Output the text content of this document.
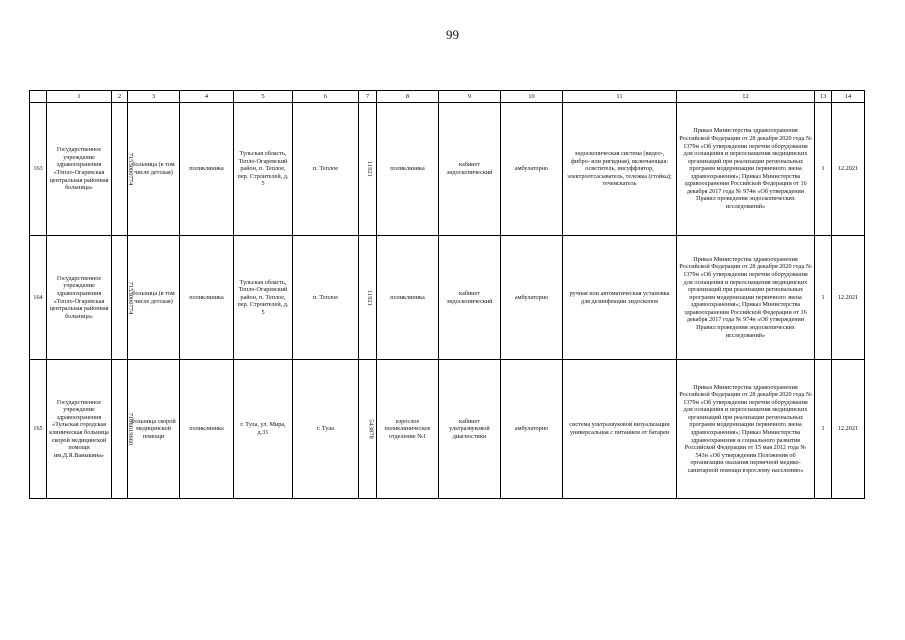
99
	1	2	3	4	5	6	7	8	9	10	11	12	13	14
163	Государственное учреждение здравоохранения «Тепло-Огаревская центральная районная больница»	7153000774	больница (в том числе детская)	поликлиника	Тульская область, Тепло-Огаревский район, п. Теплое, пер. Строителей, д. 5	п. Теплое	11921	поликлиника	кабинет эндоскопический	амбулаторно	эндоскопическая система (видео-, фибро- или ригидная), включающая: осветитель, инсуффлятор, электроотсасыватель, тележка (стойка); течеискатель	Приказ Министерства здравоохранения Российской Федерации от 28 декабря 2020 года № 1379н «Об утверждении перечня оборудования для оснащения и переоснащения медицинских организаций при реализации региональных программ модернизации первичного звена здравоохранения»; Приказ Министерства здравоохранения Российской Федерации от 16 декабря 2017 года № 974н «Об утверждении Правил проведения эндоскопических исследований»	1	12.2021
164	Государственное учреждение здравоохранения «Тепло-Огаревская центральная районная больница»	7153000774	больница (в том числе детская)	поликлиника	Тульская область, Тепло-Огаревский район, п. Теплое, пер. Строителей, д. 5	п. Теплое	11921	поликлиника	кабинет эндоскопический	амбулаторно	ручная или автоматическая установка для дезинфекции эндоскопов	Приказ Министерства здравоохранения Российской Федерации от 28 декабря 2020 года № 1379н «Об утверждении перечня оборудования для оснащения и переоснащения медицинских организаций при реализации региональных программ модернизации первичного звена здравоохранения»; Приказ Министерства здравоохранения Российской Федерации от 16 декабря 2017 года № 974н «Об утверждении Правил проведения эндоскопических исследований»	1	12.2021
165	Государственное учреждение здравоохранения «Тульская городская клиническая больница скорой медицинской помощи им.Д.Я.Ваныкина»	7106019660	больница скорой медицинской помощи	поликлиника	г. Тула, ул. Мира, д.31	г. Тула	543878	взрослое поликлиническое отделение №1	кабинет ультразвуковой диагностики	амбулаторно	система ультразвуковой визуализации универсальная с питанием от батареи	Приказ Министерства здравоохранения Российской Федерации от 28 декабря 2020 года № 1379н «Об утверждении перечня оборудования для оснащения и переоснащения медицинских организаций при реализации региональных программ модернизации первичного звена здравоохранения»; Приказ Министерства здравоохранения и социального развития Российской Федерации от 15 мая 2012 года № 543н «Об утверждении Положения об организации оказания первичной медико-санитарной помощи взрослому населению»	1	12.2021
